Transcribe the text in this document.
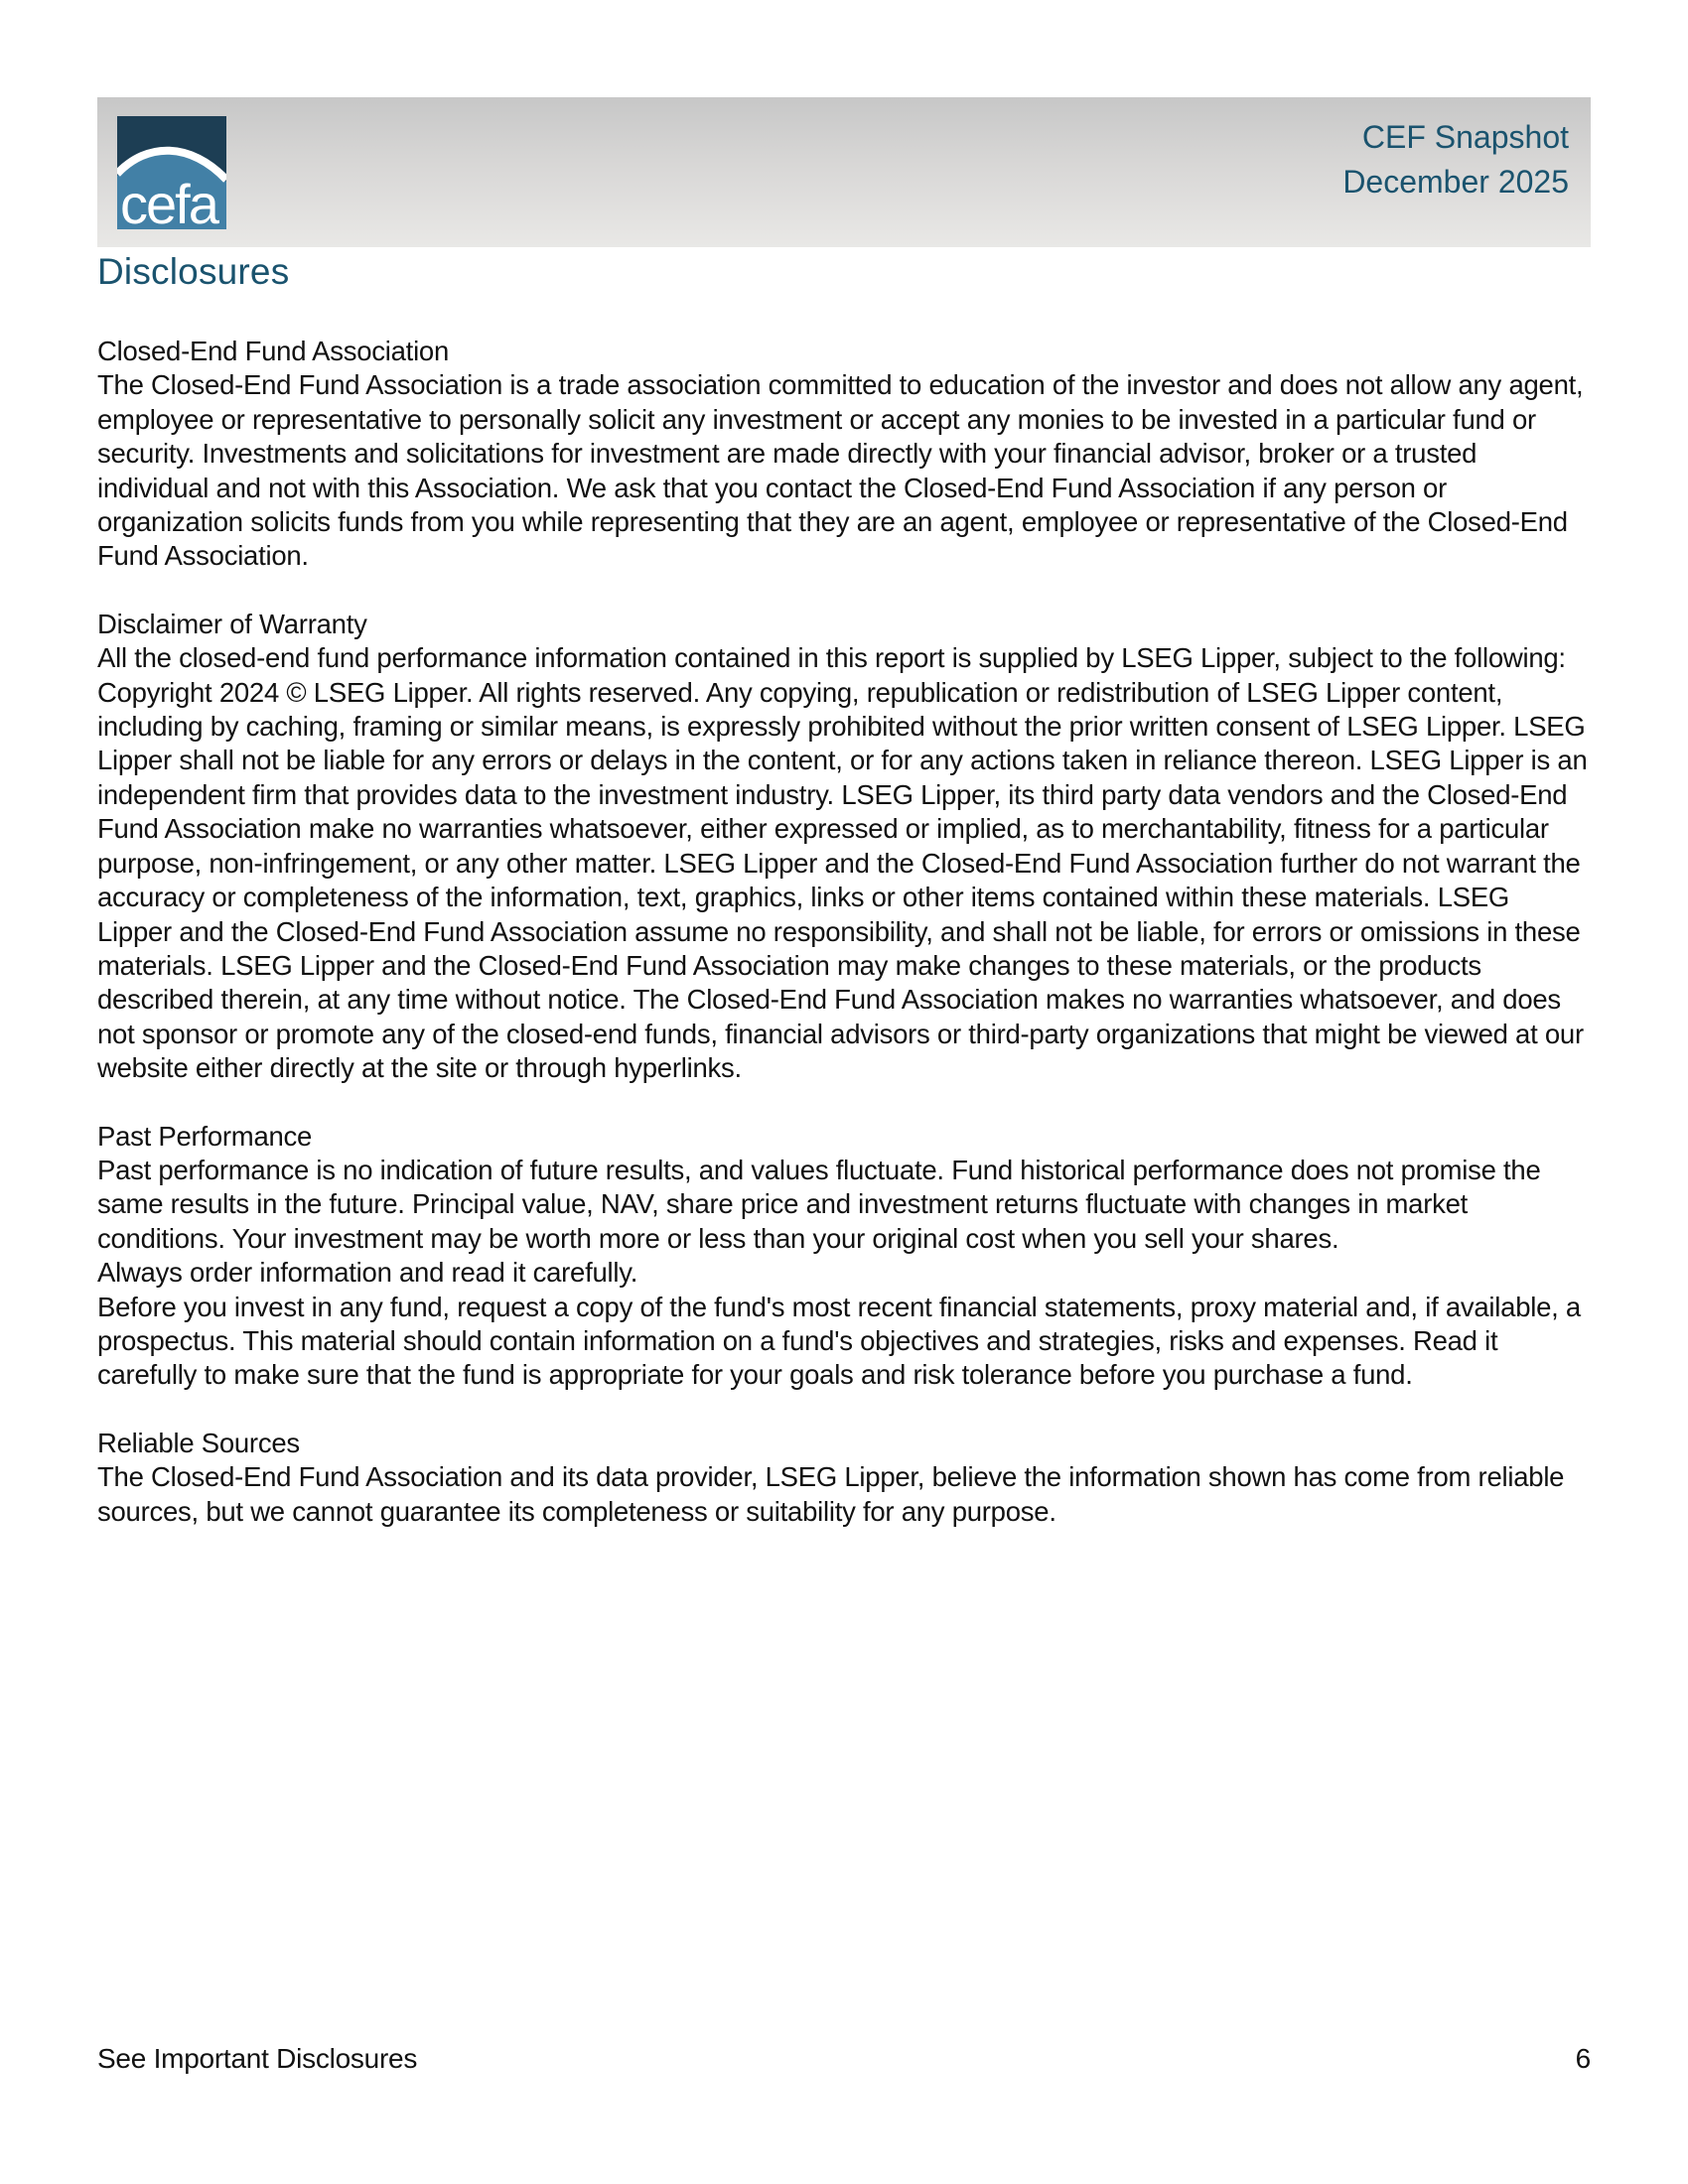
cefa
CEF Snapshot
December 2025
Disclosures
Closed-End Fund Association

The Closed-End Fund Association is a trade association committed to education of the investor and does not allow any agent, employee or representative to personally solicit any investment or accept any monies to be invested in a particular fund or security. Investments and solicitations for investment are made directly with your financial advisor, broker or a trusted individual and not with this Association. We ask that you contact the Closed-End Fund Association if any person or organization solicits funds from you while representing that they are an agent, employee or representative of the Closed-End Fund Association.

Disclaimer of Warranty

All the closed-end fund performance information contained in this report is supplied by LSEG Lipper, subject to the following: Copyright 2024 © LSEG Lipper. All rights reserved. Any copying, republication or redistribution of LSEG Lipper content, including by caching, framing or similar means, is expressly prohibited without the prior written consent of LSEG Lipper. LSEG Lipper shall not be liable for any errors or delays in the content, or for any actions taken in reliance thereon. LSEG Lipper is an independent firm that provides data to the investment industry. LSEG Lipper, its third party data vendors and the Closed-End Fund Association make no warranties whatsoever, either expressed or implied, as to merchantability, fitness for a particular purpose, non-infringement, or any other matter. LSEG Lipper and the Closed-End Fund Association further do not warrant the accuracy or completeness of the information, text, graphics, links or other items contained within these materials. LSEG Lipper and the Closed-End Fund Association assume no responsibility, and shall not be liable, for errors or omissions in these materials. LSEG Lipper and the Closed-End Fund Association may make changes to these materials, or the products described therein, at any time without notice. The Closed-End Fund Association makes no warranties whatsoever, and does not sponsor or promote any of the closed-end funds, financial advisors or third-party organizations that might be viewed at our website either directly at the site or through hyperlinks.

Past Performance

Past performance is no indication of future results, and values fluctuate. Fund historical performance does not promise the same results in the future. Principal value, NAV, share price and investment returns fluctuate with changes in market conditions. Your investment may be worth more or less than your original cost when you sell your shares.

Always order information and read it carefully.

Before you invest in any fund, request a copy of the fund's most recent financial statements, proxy material and, if available, a prospectus. This material should contain information on a fund's objectives and strategies, risks and expenses. Read it carefully to make sure that the fund is appropriate for your goals and risk tolerance before you purchase a fund.

Reliable Sources

The Closed-End Fund Association and its data provider, LSEG Lipper, believe the information shown has come from reliable sources, but we cannot guarantee its completeness or suitability for any purpose.

See Important Disclosures	6
